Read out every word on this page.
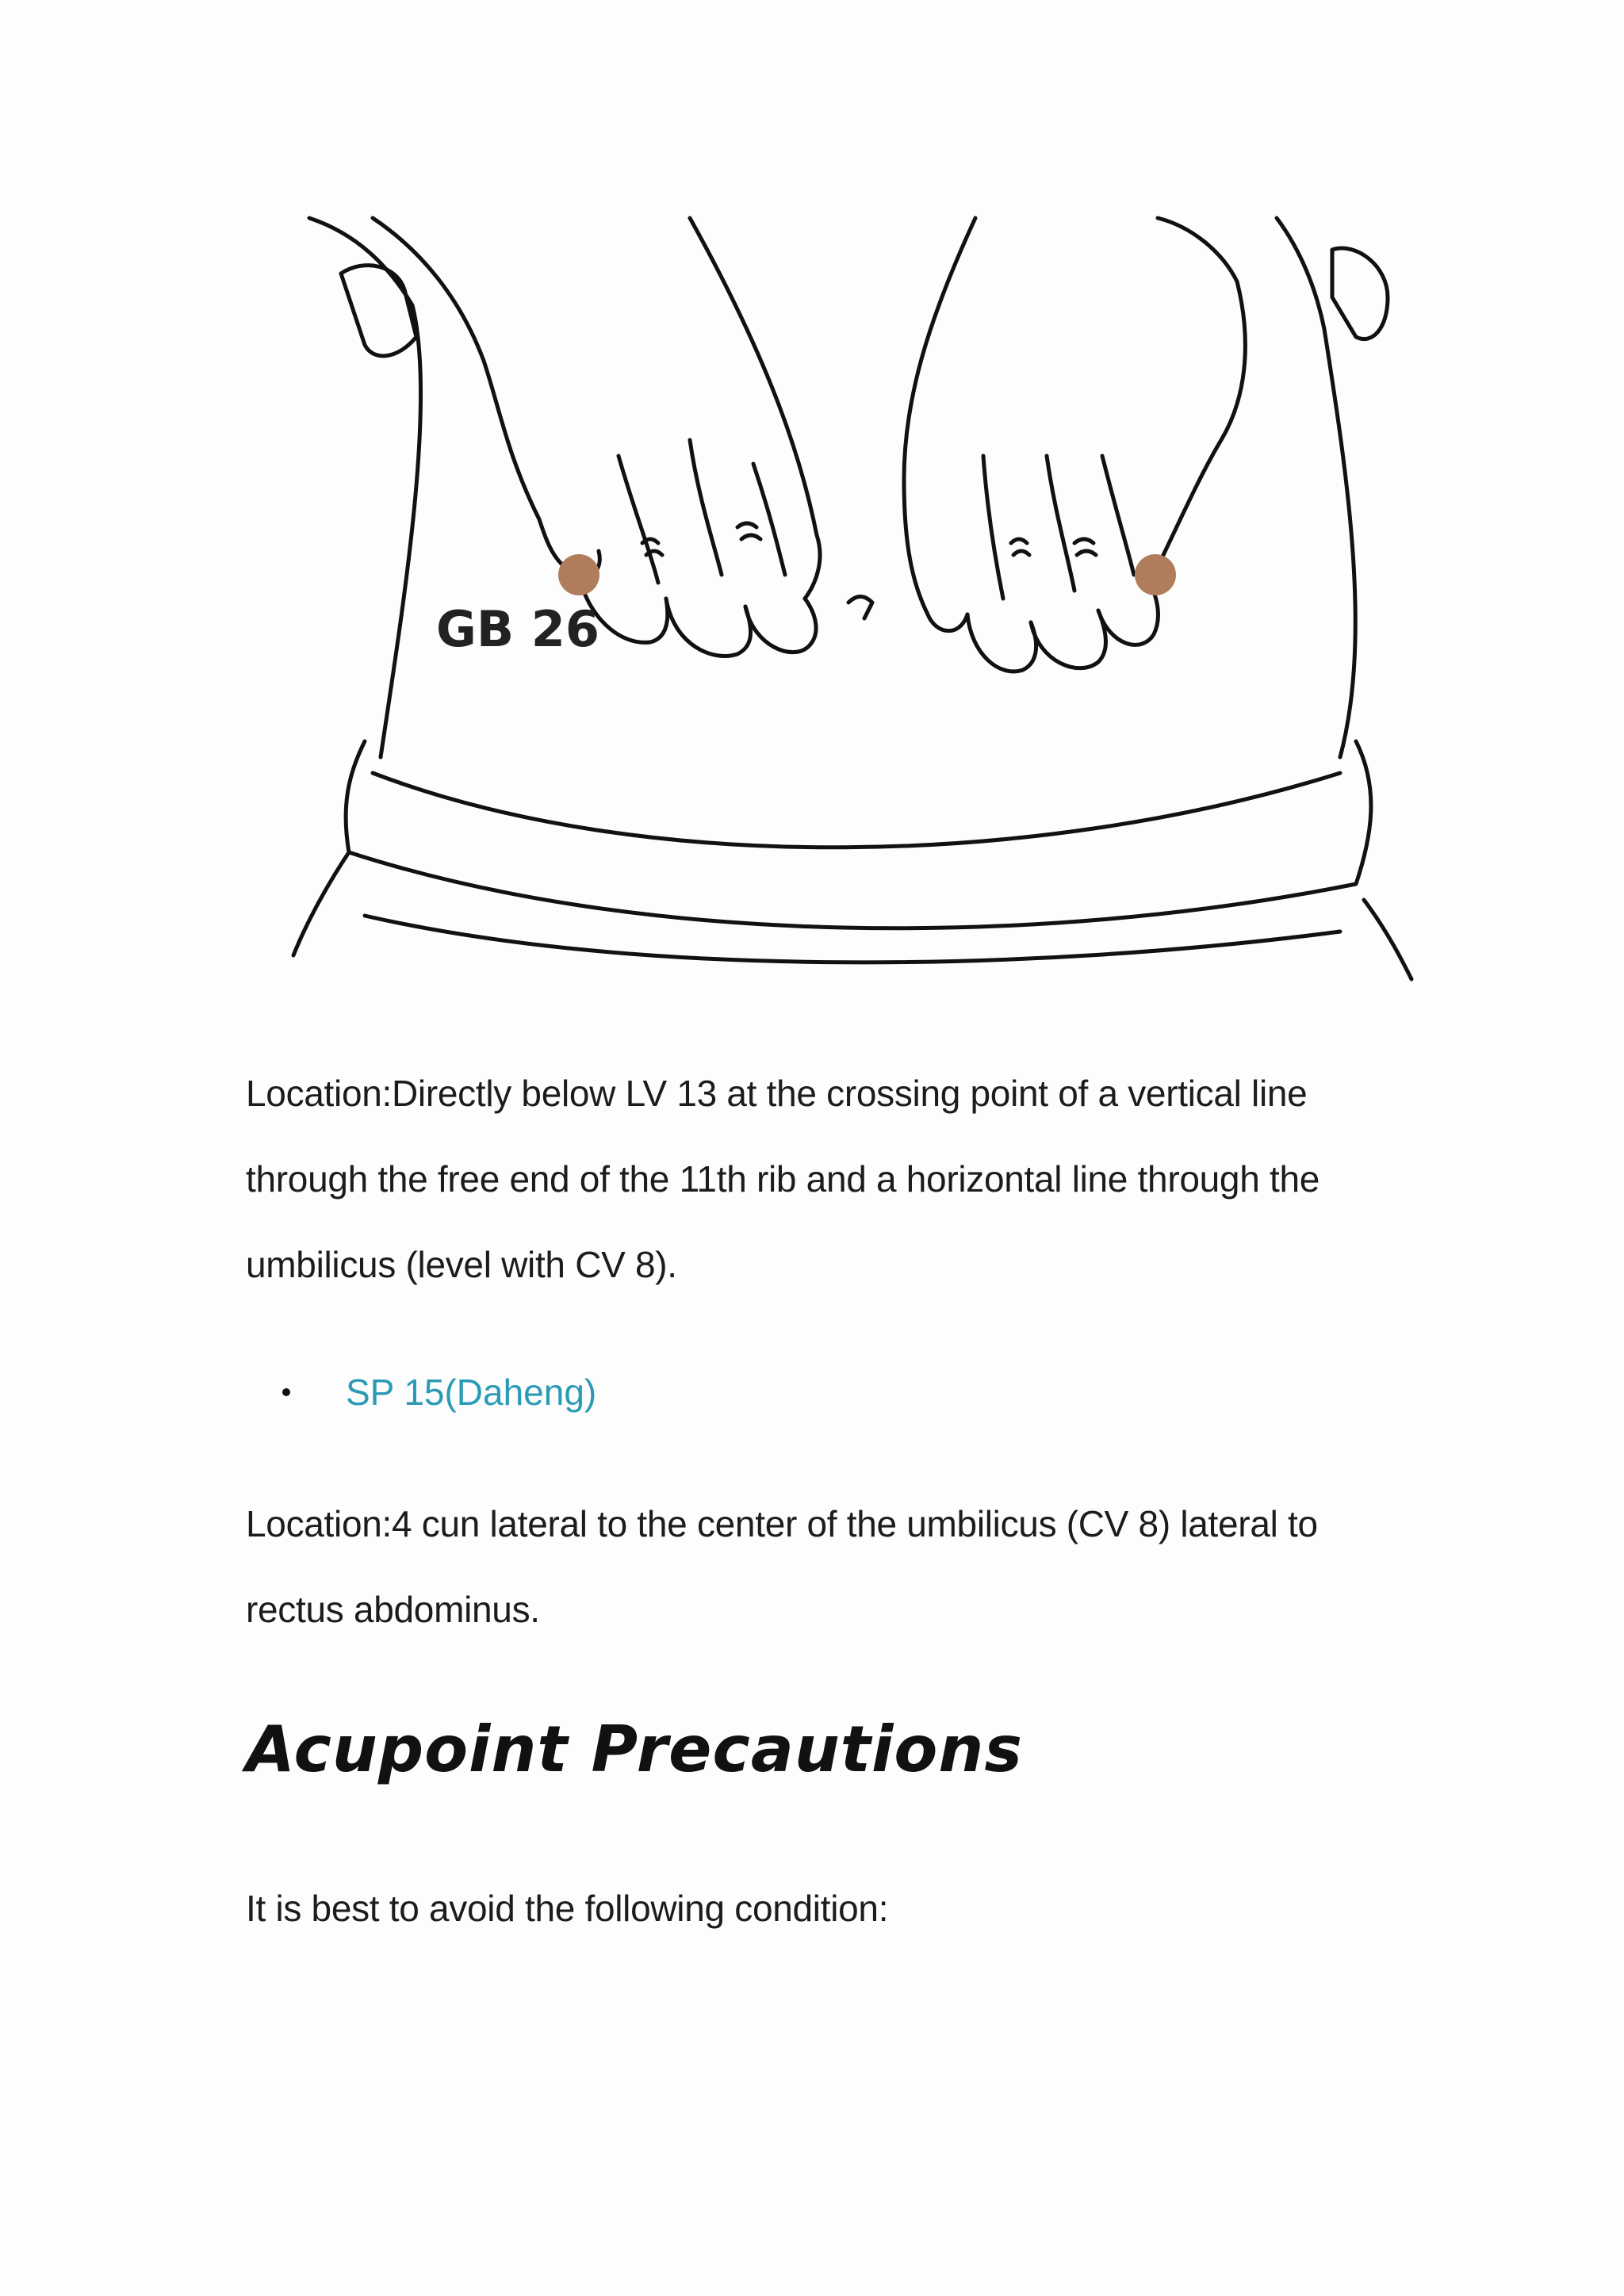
GB 26

Location:Directly below LV 13 at the crossing point of a vertical line through the free end of the 11th rib and a horizontal line through the umbilicus (level with CV 8).

SP 15(Daheng)

Location:4 cun lateral to the center of the umbilicus (CV 8) lateral to rectus abdominus.

Acupoint Precautions

It is best to avoid the following condition:
